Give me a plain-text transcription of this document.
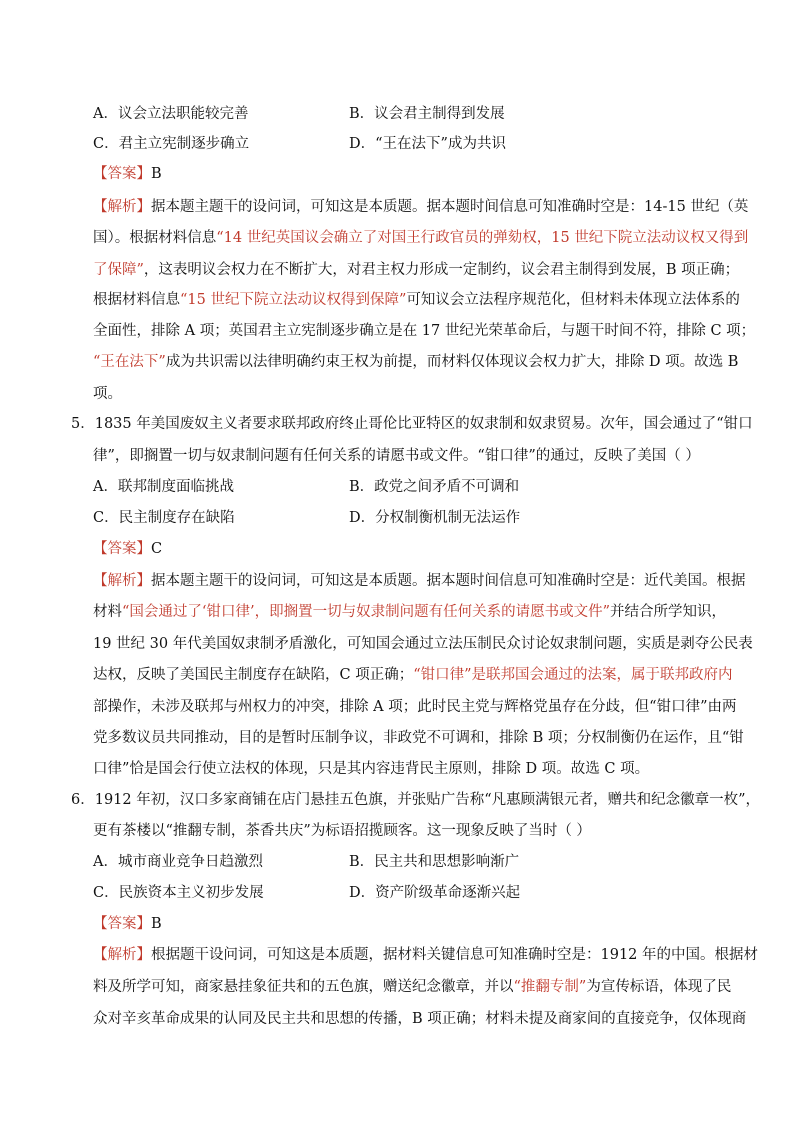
A．议会立法职能较完善	B．议会君主制得到发展
C．君主立宪制逐步确立	D．“王在法下”成为共识
【答案】B
【解析】据本题主题干的设问词，可知这是本质题。据本题时间信息可知准确时空是：14-15 世纪（英
国）。根据材料信息“14 世纪英国议会确立了对国王行政官员的弹劾权，15 世纪下院立法动议权又得到
了保障”，这表明议会权力在不断扩大，对君主权力形成一定制约，议会君主制得到发展，B 项正确；
根据材料信息“15 世纪下院立法动议权得到保障”可知议会立法程序规范化，但材料未体现立法体系的
全面性，排除 A 项；英国君主立宪制逐步确立是在 17 世纪光荣革命后，与题干时间不符，排除 C 项；
“王在法下”成为共识需以法律明确约束王权为前提，而材料仅体现议会权力扩大，排除 D 项。故选 B
项。
5．1835 年美国废奴主义者要求联邦政府终止哥伦比亚特区的奴隶制和奴隶贸易。次年，国会通过了“钳口
律”，即搁置一切与奴隶制问题有任何关系的请愿书或文件。“钳口律”的通过，反映了美国（ ）
A．联邦制度面临挑战	B．政党之间矛盾不可调和
C．民主制度存在缺陷	D．分权制衡机制无法运作
【答案】C
【解析】据本题主题干的设问词，可知这是本质题。据本题时间信息可知准确时空是：近代美国。根据
材料“国会通过了‘钳口律’，即搁置一切与奴隶制问题有任何关系的请愿书或文件”并结合所学知识，
19 世纪 30 年代美国奴隶制矛盾激化，可知国会通过立法压制民众讨论奴隶制问题，实质是剥夺公民表
达权，反映了美国民主制度存在缺陷，C 项正确；“钳口律”是联邦国会通过的法案，属于联邦政府内
部操作，未涉及联邦与州权力的冲突，排除 A 项；此时民主党与辉格党虽存在分歧，但“钳口律”由两
党多数议员共同推动，目的是暂时压制争议，非政党不可调和，排除 B 项；分权制衡仍在运作，且“钳
口律”恰是国会行使立法权的体现，只是其内容违背民主原则，排除 D 项。故选 C 项。
6．1912 年初，汉口多家商铺在店门悬挂五色旗，并张贴广告称“凡惠顾满银元者，赠共和纪念徽章一枚”，
更有茶楼以“推翻专制，茶香共庆”为标语招揽顾客。这一现象反映了当时（ ）
A．城市商业竞争日趋激烈	B．民主共和思想影响渐广
C．民族资本主义初步发展	D．资产阶级革命逐渐兴起
【答案】B
【解析】根据题干设问词，可知这是本质题，据材料关键信息可知准确时空是：1912 年的中国。根据材
料及所学可知，商家悬挂象征共和的五色旗，赠送纪念徽章，并以“推翻专制”为宣传标语，体现了民
众对辛亥革命成果的认同及民主共和思想的传播，B 项正确；材料未提及商家间的直接竞争，仅体现商
